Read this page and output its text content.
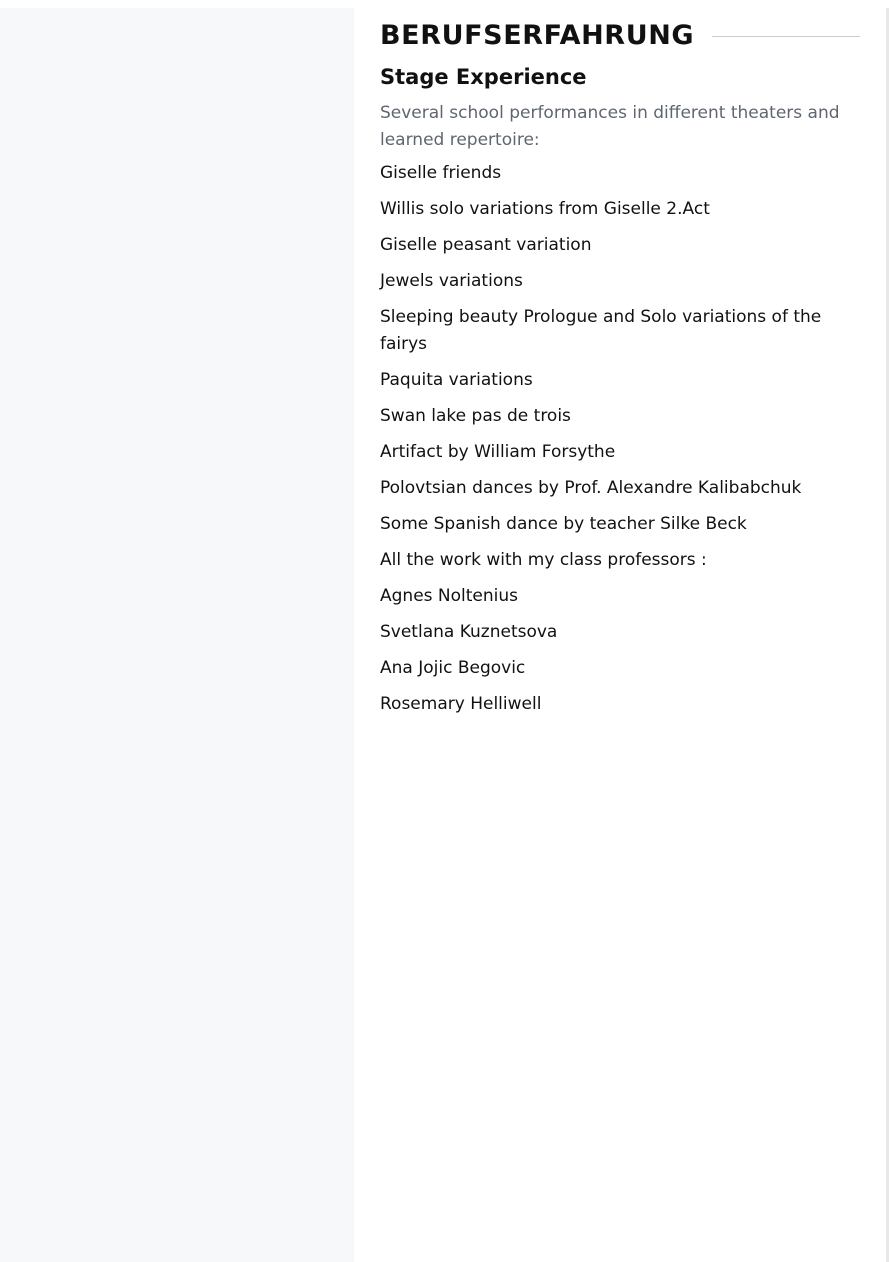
BERUFSERFAHRUNG
Stage Experience
Several school performances in different theaters and learned repertoire:
Giselle friends
Willis solo variations from Giselle 2.Act
Giselle peasant variation
Jewels variations
Sleeping beauty Prologue and Solo variations of the fairys
Paquita variations
Swan lake pas de trois
Artifact by William Forsythe
Polovtsian dances by Prof. Alexandre Kalibabchuk
Some Spanish dance by teacher Silke Beck
All the work with my class professors :
Agnes Noltenius
Svetlana Kuznetsova
Ana Jojic Begovic
Rosemary Helliwell
